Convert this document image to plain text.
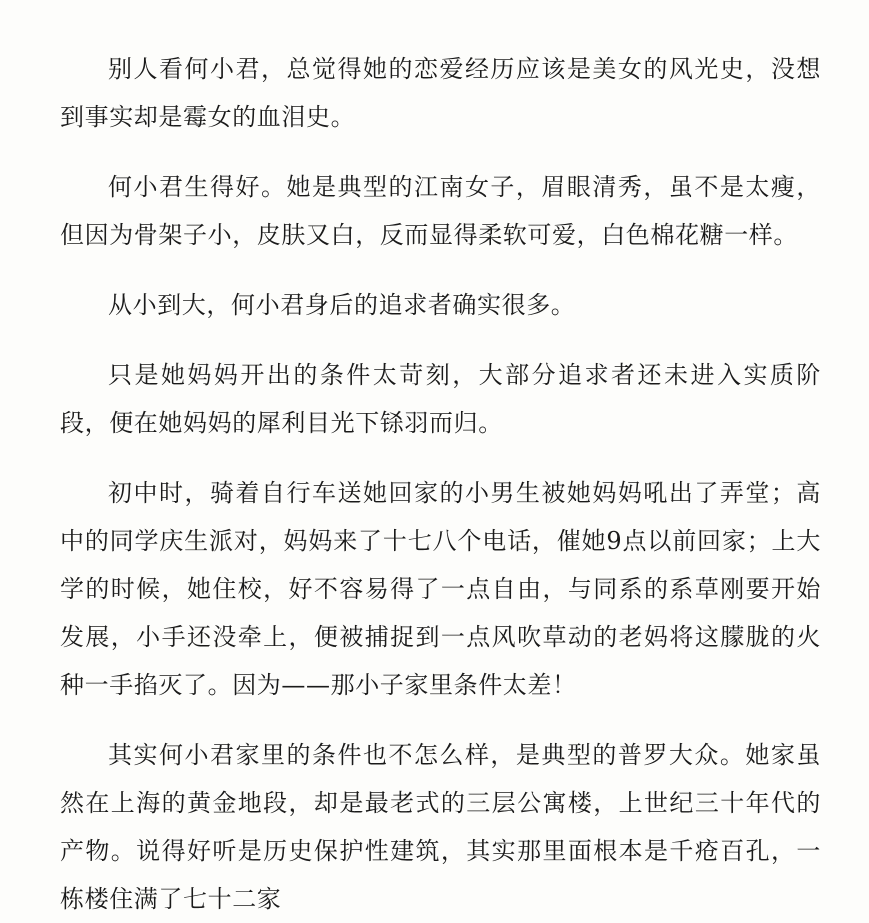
别人看何小君，总觉得她的恋爱经历应该是美女的风光史，没想到事实却是霉女的血泪史。

何小君生得好。她是典型的江南女子，眉眼清秀，虽不是太瘦，但因为骨架子小，皮肤又白，反而显得柔软可爱，白色棉花糖一样。

从小到大，何小君身后的追求者确实很多。

只是她妈妈开出的条件太苛刻，大部分追求者还未进入实质阶段，便在她妈妈的犀利目光下铩羽而归。

初中时，骑着自行车送她回家的小男生被她妈妈吼出了弄堂；高中的同学庆生派对，妈妈来了十七八个电话，催她9点以前回家；上大学的时候，她住校，好不容易得了一点自由，与同系的系草刚要开始发展，小手还没牵上，便被捕捉到一点风吹草动的老妈将这朦胧的火种一手掐灭了。因为——那小子家里条件太差！

其实何小君家里的条件也不怎么样，是典型的普罗大众。她家虽然在上海的黄金地段，却是最老式的三层公寓楼，上世纪三十年代的产物。说得好听是历史保护性建筑，其实那里面根本是千疮百孔，一栋楼住满了七十二家
